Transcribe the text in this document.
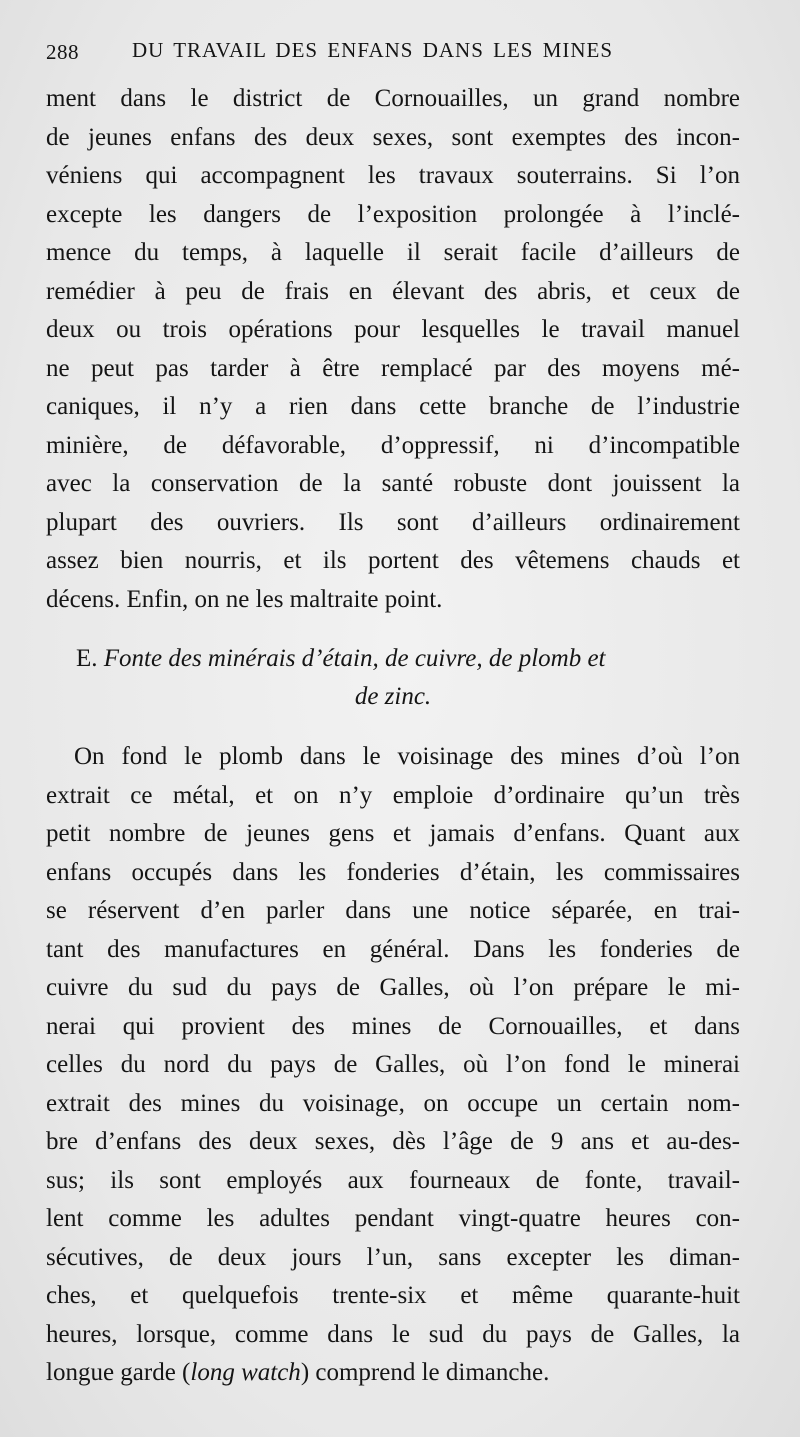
288	DU TRAVAIL DES ENFANS DANS LES MINES
ment dans le district de Cornouailles, un grand nombre
de jeunes enfans des deux sexes, sont exemptes des incon-
véniens qui accompagnent les travaux souterrains. Si l’on
excepte les dangers de l’exposition prolongée à l’inclé-
mence du temps, à laquelle il serait facile d’ailleurs de
remédier à peu de frais en élevant des abris, et ceux de
deux ou trois opérations pour lesquelles le travail manuel
ne peut pas tarder à être remplacé par des moyens mé-
caniques, il n’y a rien dans cette branche de l’industrie
minière, de défavorable, d’oppressif, ni d’incompatible
avec la conservation de la santé robuste dont jouissent la
plupart des ouvriers. Ils sont d’ailleurs ordinairement
assez bien nourris, et ils portent des vêtemens chauds et
décens. Enfin, on ne les maltraite point.
E. Fonte des minérais d’étain, de cuivre, de plomb et
de zinc.
On fond le plomb dans le voisinage des mines d’où l’on
extrait ce métal, et on n’y emploie d’ordinaire qu’un très
petit nombre de jeunes gens et jamais d’enfans. Quant aux
enfans occupés dans les fonderies d’étain, les commissaires
se réservent d’en parler dans une notice séparée, en trai-
tant des manufactures en général. Dans les fonderies de
cuivre du sud du pays de Galles, où l’on prépare le mi-
nerai qui provient des mines de Cornouailles, et dans
celles du nord du pays de Galles, où l’on fond le minerai
extrait des mines du voisinage, on occupe un certain nom-
bre d’enfans des deux sexes, dès l’âge de 9 ans et au-des-
sus; ils sont employés aux fourneaux de fonte, travail-
lent comme les adultes pendant vingt-quatre heures con-
sécutives, de deux jours l’un, sans excepter les diman-
ches, et quelquefois trente-six et même quarante-huit
heures, lorsque, comme dans le sud du pays de Galles, la
longue garde (long watch) comprend le dimanche.
